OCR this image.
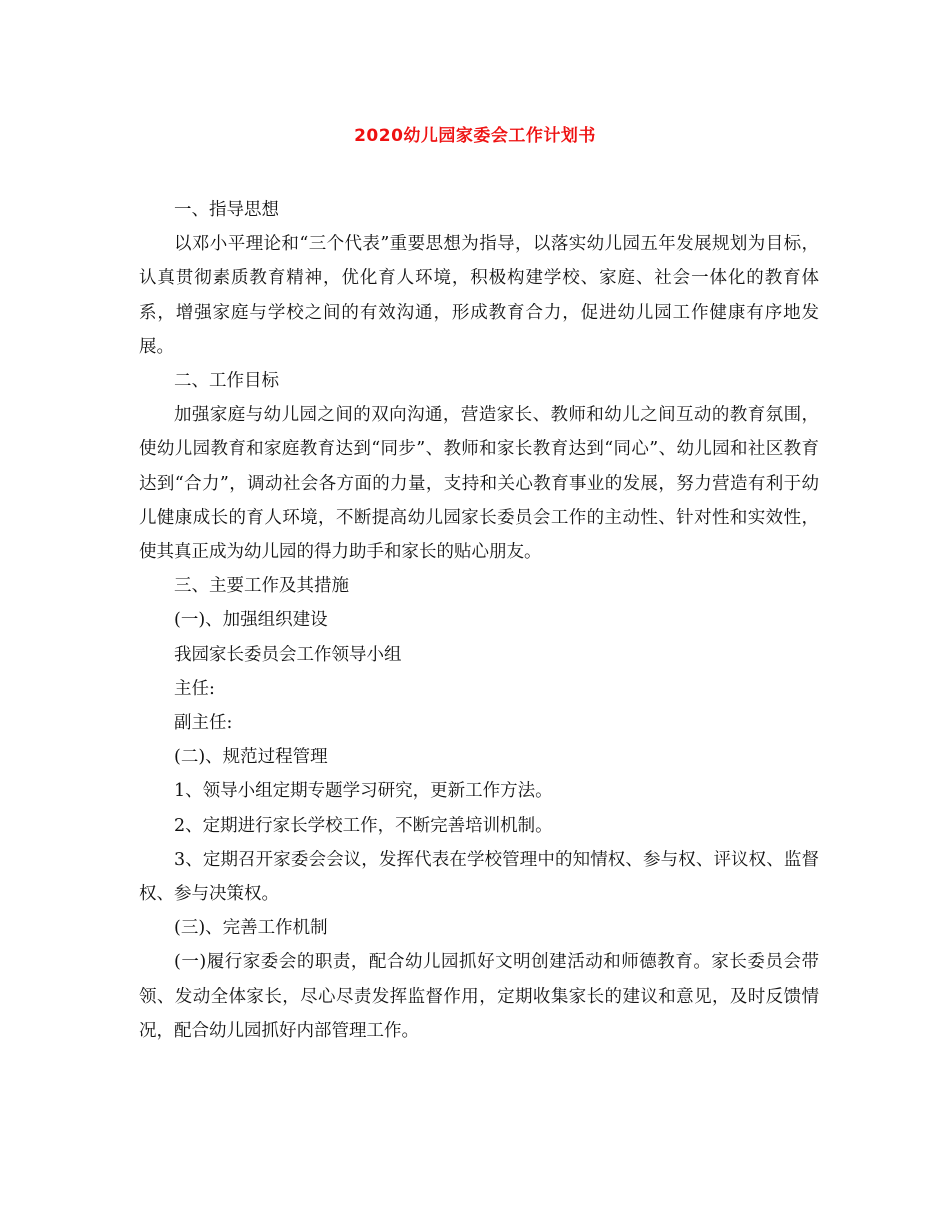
2020幼儿园家委会工作计划书

一、指导思想

以邓小平理论和“三个代表”重要思想为指导，以落实幼儿园五年发展规划为目标，认真贯彻素质教育精神，优化育人环境，积极构建学校、家庭、社会一体化的教育体系，增强家庭与学校之间的有效沟通，形成教育合力，促进幼儿园工作健康有序地发展。

二、工作目标

加强家庭与幼儿园之间的双向沟通，营造家长、教师和幼儿之间互动的教育氛围，使幼儿园教育和家庭教育达到“同步”、教师和家长教育达到“同心”、幼儿园和社区教育达到“合力”，调动社会各方面的力量，支持和关心教育事业的发展，努力营造有利于幼儿健康成长的育人环境，不断提高幼儿园家长委员会工作的主动性、针对性和实效性，使其真正成为幼儿园的得力助手和家长的贴心朋友。

三、主要工作及其措施

(一)、加强组织建设

我园家长委员会工作领导小组

主任:

副主任:

(二)、规范过程管理

1、领导小组定期专题学习研究，更新工作方法。

2、定期进行家长学校工作，不断完善培训机制。

3、定期召开家委会会议，发挥代表在学校管理中的知情权、参与权、评议权、监督权、参与决策权。

(三)、完善工作机制

(一)履行家委会的职责，配合幼儿园抓好文明创建活动和师德教育。家长委员会带领、发动全体家长，尽心尽责发挥监督作用，定期收集家长的建议和意见，及时反馈情况，配合幼儿园抓好内部管理工作。
